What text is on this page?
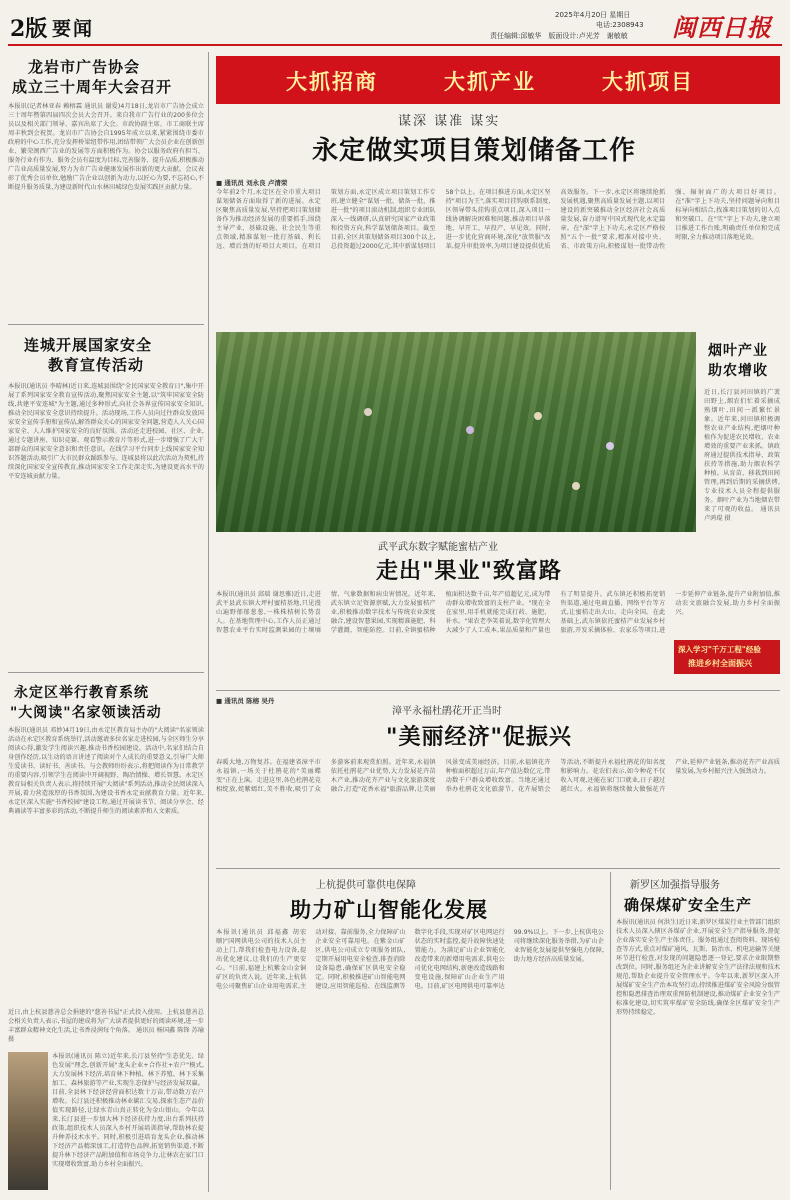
2版 要闻
2025年4月20日 星期日
电话:2308943
责任编辑:邱敏华　版面设计:卢光芳　谢敏敏 闽西日报
龙岩市广告协会
成立三十周年大会召开
本报讯(记者林亚春 赖榕霖 通讯员 谢爱)4月18日,龙岩市广告协会成立三十周年暨第四届四次会员大会召开。来自我市广告行业的200多位会员以及相关部门领导、嘉宾出席了大会。市政协副主席、市工商联主席周丰秋到会祝贺。龙岩市广告协会自1995年成立以来,紧紧围绕市委市政府的中心工作,充分发挥桥梁纽带作用,团结带领广大会员企业在创新创业、繁荣闽西广告业的发展等方面积极作为。协会以服务政府有担当、服务行业有作为、服务会员有温度为目标,完善服务、提升品质,积极推动广告业高质量发展,努力为市广告业健康发展作出新的更大贡献。会议表彰了优秀会员单位,勉励广告企业以创新为动力,以匠心为要,不忘初心,不断提升服务质量,为建设新时代山水林田城绿色发展实践区贡献力量。
连城开展国家安全
教育宣传活动
本报讯(通讯员 李晴林)近日来,连城县围绕"全民国家安全教育日",集中开展了系列国家安全教育宣传活动,聚焦国家安全主题,以"筑牢国家安全防线,共建平安连城"为主题,通过多种形式,向社会各界宣传国家安全知识,推动全民国家安全意识持续提升。活动现场,工作人员向过往群众发放国家安全宣传手册和宣传品,解答群众关心的国家安全问题,营造人人关心国家安全、人人维护国家安全的良好氛围。活动还走进校园、社区、企业,通过专题讲座、知识竞赛、观看警示教育片等形式,进一步增强了广大干部群众的国家安全意识和责任意识。在线学习平台同步上线国家安全知识答题活动,吸引广大市民群众踊跃参与。连城县将以此次活动为契机,持续深化国家安全宣传教育,推动国家安全工作走深走实,为建设更高水平的平安连城贡献力量。
永定区举行教育系统
"大阅读"名家领读活动
本报讯(通讯员 邓妙)4月19日,由永定区教育局主办的"大阅读"名家领读活动在永定区教育系统举行,活动邀请多位名家走进校园,与全区师生分享阅读心得,激发学生阅读兴趣,推动书香校园建设。活动中,名家们结合自身创作经历,以生动的语言讲述了阅读对个人成长的重要意义,引导广大师生爱读书、读好书、善读书。与会教师纷纷表示,将把阅读作为日常教学的重要内容,引领学生在阅读中开阔视野、陶冶情操、增长智慧。永定区教育局相关负责人表示,将持续开展"大阅读"系列活动,推动全民阅读深入开展,着力营造浓厚的书香氛围,为建设书香永定贡献教育力量。近年来,永定区深入实施"书香校园"建设工程,通过开展读书节、阅读分享会、经典诵读等丰富多彩的活动,不断提升师生的阅读素养和人文素质。
近日,由上杭县慈善总会捐建的"慈善书屋"正式投入使用。上杭县慈善总会相关负责人表示,书屋的建成将为广大读者提供更好的阅读环境,进一步丰富群众精神文化生活,让书香浸润每个角落。 通讯员 杨国鑫 陈锋 苏瑜 摄
本报讯(通讯员 陈立)近年来,长汀县坚持"生态优先、绿色发展"理念,创新开展"龙头企业+合作社+农户"模式,大力发展林下经济,培育林下种植、林下养殖、林下采集加工、森林旅游等产业,实现生态保护与经济发展双赢。目前,全县林下经济经营面积达数十万亩,带动数万农户增收。长汀县还积极推动林业碳汇交易,探索生态产品价值实现路径,让绿水青山真正转化为金山银山。今年以来,长汀县进一步加大林下经济扶持力度,出台系列扶持政策,组织技术人员深入乡村开展培训指导,帮助林农提升种养技术水平。同时,积极引进培育龙头企业,推动林下经济产品精深加工,打造特色品牌,拓宽销售渠道,不断提升林下经济产品附加值和市场竞争力,让林农在家门口实现增收致富,助力乡村全面振兴。
大抓招商	大抓产业	大抓项目
谋深 谋准 谋实
永定做实项目策划储备工作
■ 通讯员 刘永良 卢清荣
今年前2个月,永定区在全市重大项目谋划储备方面取得了新的进展。永定区聚焦高质量发展,坚持把项目策划储备作为推动经济发展的重要抓手,围绕主导产业、基础设施、社会民生等重点领域,精准谋划一批打基础、利长远、增后劲的好项目大项目。在项目策划方面,永定区成立项目策划工作专班,建立健全"谋划一批、储备一批、推进一批"的项目滚动机制,组织专业团队深入一线调研,认真研究国家产业政策和投资方向,科学谋划储备项目。截至目前,全区共策划储备项目300个以上,总投资超过2000亿元,其中新谋划项目58个以上。在项目推进方面,永定区坚持"项目为王",落实项目挂钩联系制度,区领导带头挂钩重点项目,深入项目一线协调解决困难和问题,推动项目早落地、早开工、早投产、早见效。同时,进一步优化营商环境,深化"放管服"改革,提升审批效率,为项目建设提供优质高效服务。下一步,永定区将继续抢抓发展机遇,聚焦高质量发展主题,以项目建设的新突破推动全区经济社会高质量发展,奋力谱写中国式现代化永定篇章。在"深"字上下功夫,永定区严格按照"五个一批"要求,精准对接中央、省、市政策方向,积极谋划一批带动性强、辐射面广的大项目好项目。在"准"字上下功夫,坚持问题导向和目标导向相结合,找准项目策划的切入点和突破口。在"实"字上下功夫,建立项目推进工作台账,明确责任单位和完成时限,全力推动项目落地见效。
烟叶产业
助农增收
近日,长汀县河田镇的广袤田野上,烟农们忙着采摘成熟烟叶,田间一派繁忙景象。近年来,河田镇积极调整农业产业结构,把烟叶种植作为促进农民增收、农业增效的重要产业来抓。镇政府通过提供技术指导、政策扶持等措施,助力烟农科学种植。从育苗、移栽到田间管理,再到后期的采摘烘烤,专业技术人员全程提供服务。烟叶产业为当地烟农带来了可观的收益。 通讯员 卢鸿琨 摄
武平武东数字赋能蜜桔产业
走出"果业"致富路
本报讯(通讯员 邱瑞 谢思雅)近日,走进武平县武东镇大坪村蜜桔基地,只见漫山遍野郁郁葱葱,一株株桔树长势喜人。在基地管理中心,工作人员正通过智慧农业平台实时监测果园的土壤墒情、气象数据和病虫害情况。近年来,武东镇立足资源禀赋,大力发展蜜桔产业,积极推动数字技术与传统农业深度融合,建设智慧果园,实现精准施肥、科学灌溉、智能防控。目前,全镇蜜桔种植面积达数千亩,年产值超亿元,成为带动群众增收致富的支柱产业。"现在全在家里,用手机就能完成打药、施肥、补水。"果农老李笑着说,数字化管理大大减少了人工成本,果品质量和产量也有了明显提升。武东镇还积极拓宽销售渠道,通过电商直播、网络平台等方式,让蜜桔走出大山、走向全国。在此基础上,武东镇依托蜜桔产业发展乡村旅游,开发采摘体验、农家乐等项目,进一步延伸产业链条,提升产业附加值,推动农文旅融合发展,助力乡村全面振兴。
深入学习"千万工程"经验
推进乡村全面振兴
■ 通讯员 陈榕 吴丹
漳平永福杜鹃花开正当时
"美丽经济"促振兴
春暖大地,万物复苏。在福建省漳平市永福镇,一场关于杜鹃花的"美丽蝶变"正在上演。走进这里,各色杜鹃花竞相绽放,姹紫嫣红,美不胜收,吸引了众多游客前来观赏拍照。近年来,永福镇依托杜鹃花产业优势,大力发展花卉苗木产业,推动花卉产业与文化旅游深度融合,打造"花香永福"旅游品牌,让美丽风景变成美丽经济。目前,永福镇花卉种植面积超过万亩,年产值达数亿元,带动数千户群众增收致富。当地还通过举办杜鹃花文化旅游节、花卉展销会等活动,不断提升永福杜鹃花的知名度和影响力。花农们表示,如今种花不仅收入可观,还能在家门口就业,日子越过越红火。永福镇将继续做大做强花卉产业,延伸产业链条,推动花卉产业高质量发展,为乡村振兴注入强劲动力。
上杭提供可靠供电保障
助力矿山智能化发展
本报讯(通讯员 邱福鑫 胡宏顺)"国网供电公司的技术人员主动上门,帮我们检查电力设备,提出优化建议,让我们的生产更安心。"日前,福建上杭紫金山金铜矿区的负责人说。近年来,上杭供电公司聚焦矿山企业用电需求,主动对接、靠前服务,全力保障矿山企业安全可靠用电。在紫金山矿区,供电公司成立专项服务团队,定期开展用电安全检查,排查消除设备隐患,确保矿区供电安全稳定。同时,积极推进矿山智能电网建设,应用智能巡检、在线监测等数字化手段,实现对矿区电网运行状态的实时监控,提升故障快速处置能力。为满足矿山企业智能化改造带来的新增用电需求,供电公司优化电网结构,新建改造线路和变电设施,保障矿山企业生产用电。目前,矿区电网供电可靠率达99.9%以上。下一步,上杭供电公司将继续深化服务举措,为矿山企业智能化发展提供坚强电力保障,助力地方经济高质量发展。
新罗区加强指导服务
确保煤矿安全生产
本报讯(通讯员 何洪生)近日来,新罗区煤炭行业主管部门组织技术人员深入辖区各煤矿企业,开展安全生产指导服务,督促企业落实安全生产主体责任。服务组通过查阅资料、现场检查等方式,重点对煤矿通风、瓦斯、防治水、机电运输等关键环节进行检查,对发现的问题隐患逐一登记,要求企业限期整改到位。同时,服务组还为企业讲解安全生产法律法规和技术规范,帮助企业提升安全管理水平。今年以来,新罗区深入开展煤矿安全生产治本攻坚行动,持续推进煤矿安全风险分级管控和隐患排查治理双重预防机制建设,推动煤矿企业安全生产标准化建设,切实筑牢煤矿安全防线,确保全区煤矿安全生产形势持续稳定。
